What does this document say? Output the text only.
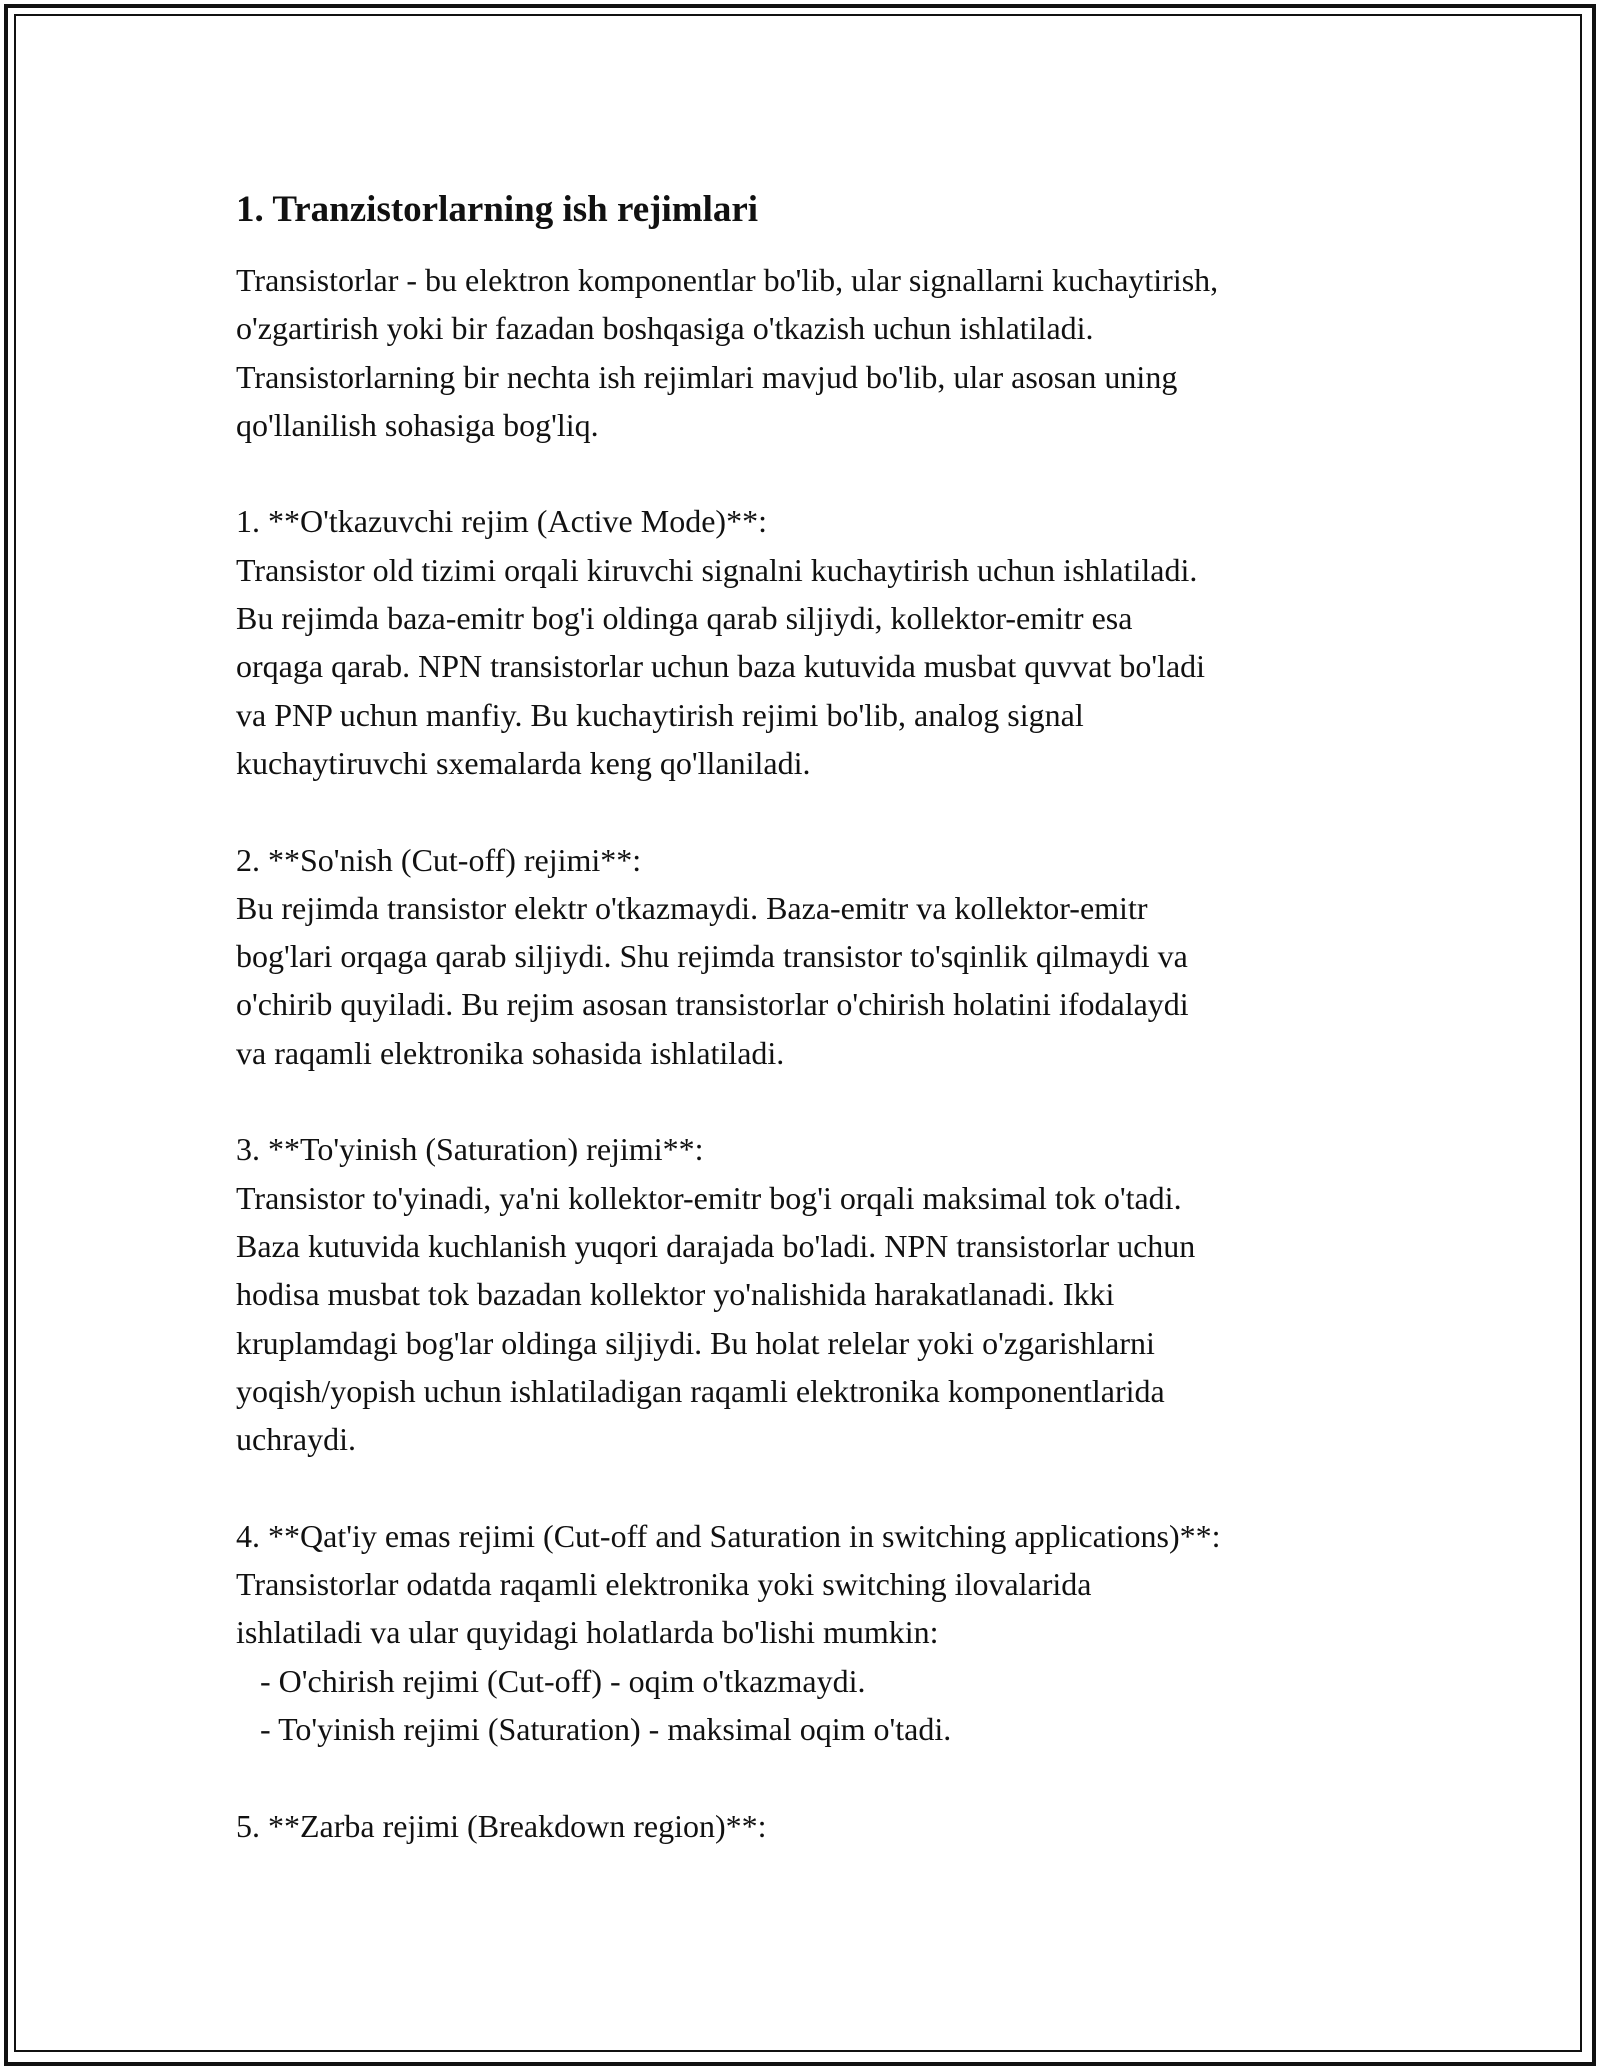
1. Tranzistorlarning ish rejimlari
Transistorlar - bu elektron komponentlar bo'lib, ular signallarni kuchaytirish,
o'zgartirish yoki bir fazadan boshqasiga o'tkazish uchun ishlatiladi.
Transistorlarning bir nechta ish rejimlari mavjud bo'lib, ular asosan uning
qo'llanilish sohasiga bog'liq.
1. **O'tkazuvchi rejim (Active Mode)**:
Transistor old tizimi orqali kiruvchi signalni kuchaytirish uchun ishlatiladi.
Bu rejimda baza-emitr bog'i oldinga qarab siljiydi, kollektor-emitr esa
orqaga qarab. NPN transistorlar uchun baza kutuvida musbat quvvat bo'ladi
va PNP uchun manfiy. Bu kuchaytirish rejimi bo'lib, analog signal
kuchaytiruvchi sxemalarda keng qo'llaniladi.
2. **So'nish (Cut-off) rejimi**:
Bu rejimda transistor elektr o'tkazmaydi. Baza-emitr va kollektor-emitr
bog'lari orqaga qarab siljiydi. Shu rejimda transistor to'sqinlik qilmaydi va
o'chirib quyiladi. Bu rejim asosan transistorlar o'chirish holatini ifodalaydi
va raqamli elektronika sohasida ishlatiladi.
3. **To'yinish (Saturation) rejimi**:
Transistor to'yinadi, ya'ni kollektor-emitr bog'i orqali maksimal tok o'tadi.
Baza kutuvida kuchlanish yuqori darajada bo'ladi. NPN transistorlar uchun
hodisa musbat tok bazadan kollektor yo'nalishida harakatlanadi. Ikki
kruplamdagi bog'lar oldinga siljiydi. Bu holat relelar yoki o'zgarishlarni
yoqish/yopish uchun ishlatiladigan raqamli elektronika komponentlarida
uchraydi.
4. **Qat'iy emas rejimi (Cut-off and Saturation in switching applications)**:
Transistorlar odatda raqamli elektronika yoki switching ilovalarida
ishlatiladi va ular quyidagi holatlarda bo'lishi mumkin:
- O'chirish rejimi (Cut-off) - oqim o'tkazmaydi.
- To'yinish rejimi (Saturation) - maksimal oqim o'tadi.
5. **Zarba rejimi (Breakdown region)**:
